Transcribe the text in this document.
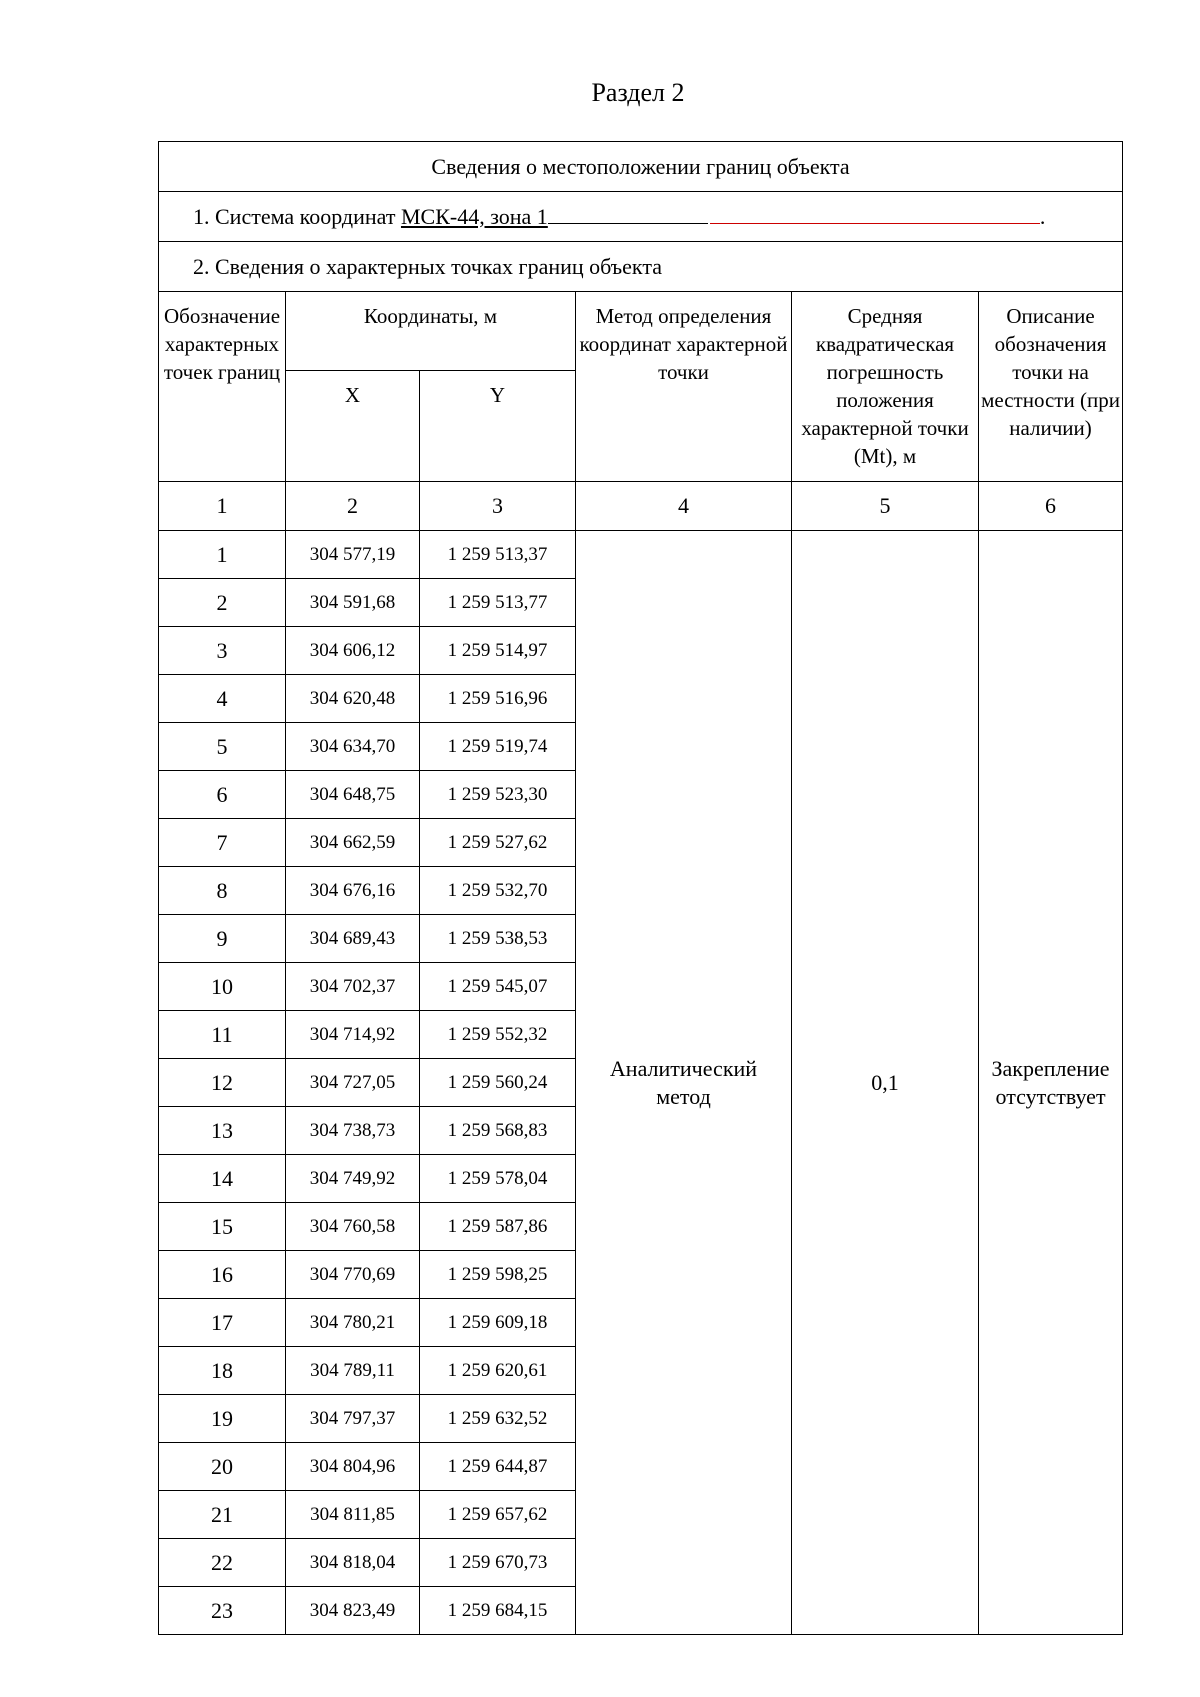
Раздел 2
Сведения о местоположении границ объекта					
1. Система координат МСК-44, зона 1 .					
2. Сведения о характерных точках границ объекта					
Обозначение характерных точек границ	Координаты, м		Метод определения координат характерной точки	Средняя квадратическая погрешность положения характерной точки (Mt), м	Описание обозначения точки на местности (при наличии)
	X	Y			
1	2	3	4	5	6
1	304 577,19	1 259 513,37	Аналитический метод	0,1	Закрепление отсутствует
2	304 591,68	1 259 513,77			
3	304 606,12	1 259 514,97			
4	304 620,48	1 259 516,96			
5	304 634,70	1 259 519,74			
6	304 648,75	1 259 523,30			
7	304 662,59	1 259 527,62			
8	304 676,16	1 259 532,70			
9	304 689,43	1 259 538,53			
10	304 702,37	1 259 545,07			
11	304 714,92	1 259 552,32			
12	304 727,05	1 259 560,24			
13	304 738,73	1 259 568,83			
14	304 749,92	1 259 578,04			
15	304 760,58	1 259 587,86			
16	304 770,69	1 259 598,25			
17	304 780,21	1 259 609,18			
18	304 789,11	1 259 620,61			
19	304 797,37	1 259 632,52			
20	304 804,96	1 259 644,87			
21	304 811,85	1 259 657,62			
22	304 818,04	1 259 670,73			
23	304 823,49	1 259 684,15			
